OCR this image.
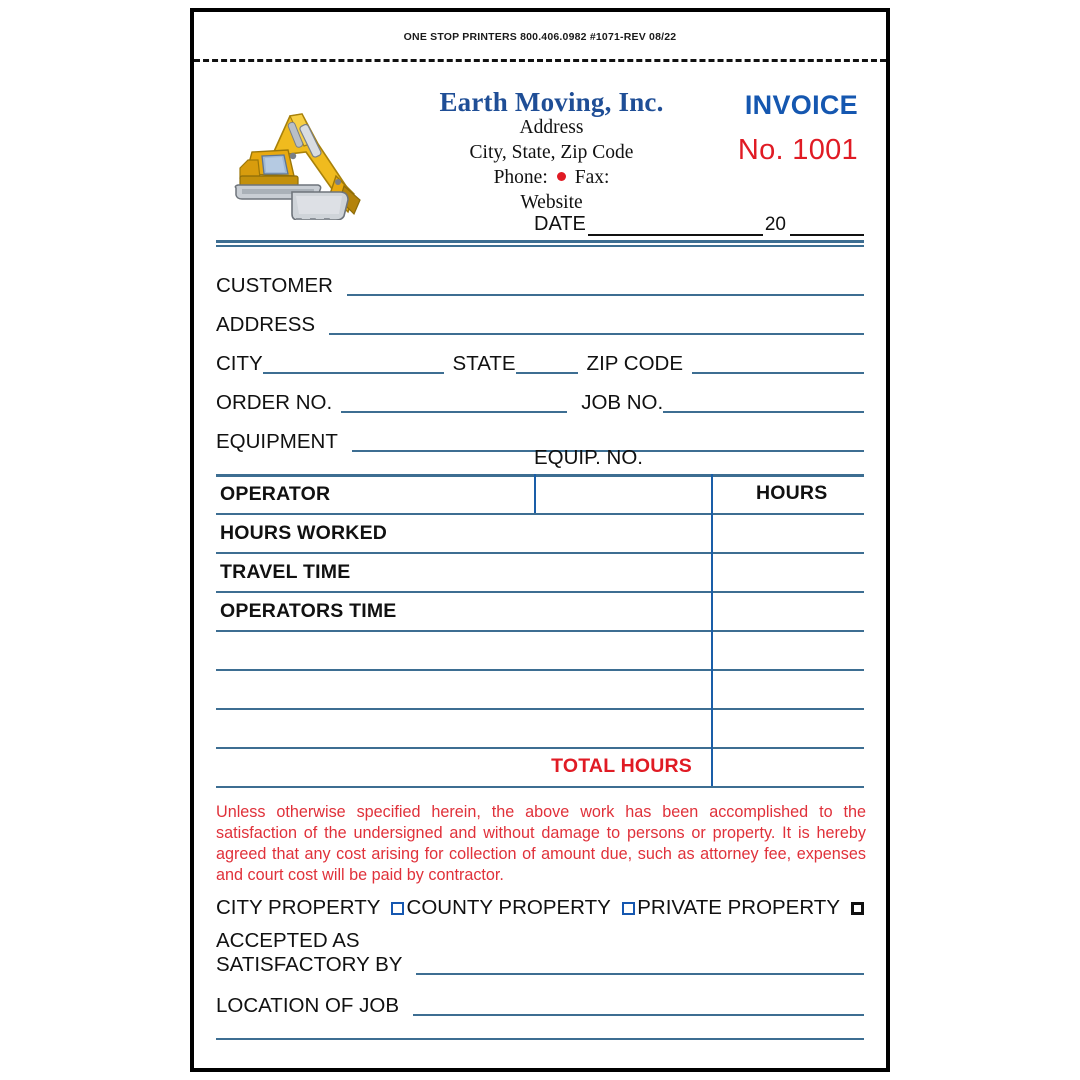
ONE STOP PRINTERS 800.406.0982 #1071-REV 08/22
Earth Moving, Inc.
Address
City, State, Zip Code
Phone: Fax:
Website
INVOICE
No. 1001
DATE	20
CUSTOMER
ADDRESS
CITY	STATE	ZIP CODE
ORDER NO.	JOB NO.
EQUIPMENT
EQUIP. NO.
OPERATOR	HOURS
HOURS WORKED
TRAVEL TIME
OPERATORS TIME
TOTAL HOURS
Unless otherwise specified herein, the above work has been accomplished to the satisfaction of the undersigned and without damage to persons or property. It is hereby agreed that any cost arising for collection of amount due, such as attorney fee, expenses and court cost will be paid by contractor.
CITY PROPERTY COUNTY PROPERTY PRIVATE PROPERTY
ACCEPTED AS
SATISFACTORY BY
LOCATION OF JOB
